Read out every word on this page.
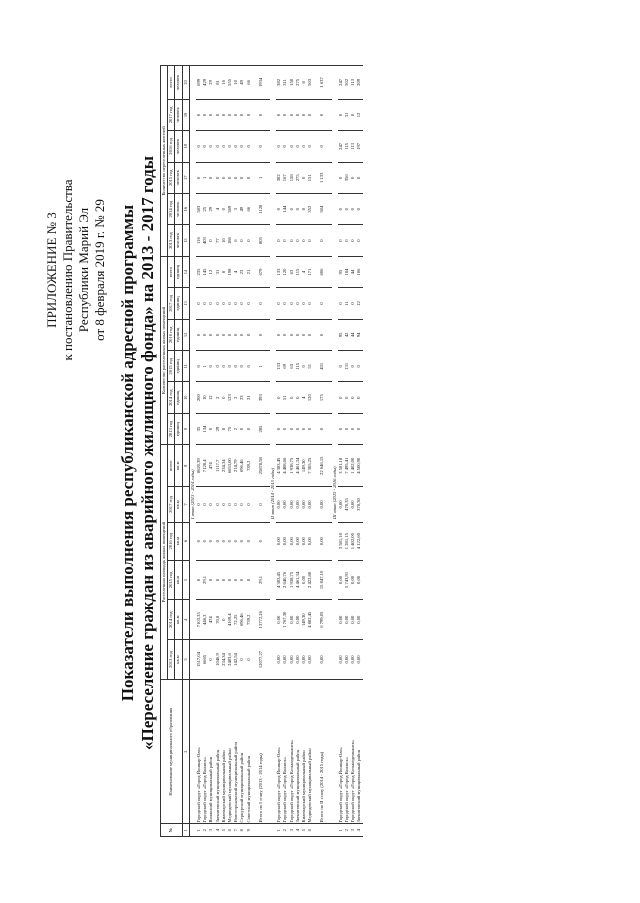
ПРИЛОЖЕНИЕ № 3 к постановлению Правительства Республики Марий Эл от 8 февраля 2019 г. № 29 Показатели выполнения республиканской адресной программы «Переселение граждан из аварийного жилищного фонда» на 2013 - 2017 годы
№	Наименование муниципального образования	Расселенная площадь жилых помещений						Количество расселенных жилых помещений						Количество переселенных жителей					
		2013 год	2014 год	2015 год	2016 год	2017 год	всего	2013 год	2014 год	2015 год	2016 год	2017 год	всего	2013 год	2014 год	2015 год	2016 год	2017 год	всего
		кв.м	кв.м	кв.м	кв.м	кв.м	кв.м	единиц	единиц	единиц	единиц	единиц	единиц	человек	человек	человек	человек	человек	человек
1	2	3	4	5	6	7	8	9	10	11	12	13	14	15	16	17	18	19	20
			I этап (2013 - 2014 годы)																
1	Городской округ «Город Йошкар-Ола»	1517,04	7103,35	0	0	0	8620,39	35	200	0	0	0	235	116	583	0	0	0	699
2	Городской округ «Город Волжск»	6665	446,3	29,1	0	0	7128,4	134	10	1	0	0	145	403	25	1	0	0	429
3	Волжский муниципальный район	0	474	0	0	0	474	0	12	0	0	0	12	0	29	0	0	0	29
4	Звениговский муниципальный район	1046,9	70,8	0	0	0	1117,7	29	2	0	0	0	31	77	4	0	0	0	81
5	Килемарский муниципальный район	234,34	0	0	0	0	234,34	8	0	0	0	0	8	16	0	0	0	0	16
6	Медведевский муниципальный район	2483,6	4169,4	0	0	0	6653,00	75	123	0	0	0	198	186	369	0	0	0	555
7	Новоторъяльский муниципальный район	142,54	72,25	0	0	0	214,79	2	2	0	0	0	4	6	3	0	0	0	10
8	Сернурский муниципальный район	0	696,46	0	0	0	696,46	0	23	0	0	0	23	0	49	0	0	0	49
9	Советский муниципальный район	0	739,2	0	0	0	739,2	0	21	0	0	0	21	0	66	0	0	0	66

	Итого по I этапу (2013 - 2014 годы)	12077,27	13772,26	29,1	0	0	25878,58	285	393	1	0	0	679	805	1128	1	0	0	1934

			II этап (2014 - 2015 годы)																
1	Городской округ «Город Йошкар-Ола»	0,00	0,00	4 383,45	0,00	0,00	4 383,45	0	0	133	0	0	133	0	0	382	0	0	382
2	Городской округ «Город Волжск»	0,00	1 767,30	2 640,76	0,00	0,00	4 408,06	0	51	69	0	0	120	0	144	167	0	0	311
3	Городской округ «Город Козьмодемьянск»	0,00	0,00	1 938,75	0,00	0,00	1 938,75	0	0	63	0	0	63	0	0	158	0	0	158
4	Звениговский муниципальный район	0,00	0,00	4 461,34	0,00	0,00	4 461,34	0	0	115	0	0	115	0	0	275	0	0	275
5	Килемарский муниципальный район	0,00	149,30	0,00	0,00	0,00	149,30	0	4	0	0	0	4	0	8	0	0	0	8
6	Медведевский муниципальный район	0,00	4 882,45	2 422,80	0,00	0,00	7 305,25	0	120	51	0	0	171	0	352	151	0	0	503

	Итого по II этапу (2014 - 2015 годы)	0,00	6 799,05	15 847,10	0,00	0,00	22 646,15	0	175	431	0	0	606	0	504	1 133	0	0	1 637

			III этап (2015 - 2016 годы)																
1	Городской округ «Город Йошкар-Ола»	0,00	0,00	0,00	3 581,18	0,00	3 581,18	0	0	0	95	0	95	0	0	0	247	0	247
2	Городской округ «Город Волжск»	0,00	0,00	5 743,91	1 281,15	470,35	7 495,41	0	0	131	42	11	184	0	0	356	115	31	502
3	Городской округ «Город Козьмодемьянск»	0,00	0,00	0,00	1 402,00	0,00	1 402,00	0	0	0	44	0	44	0	0	0	113	0	113
4	Звениговский муниципальный район	0,00	0,00	0,00	4 122,60	378,30	4 500,90	0	0	0	94	12	106	0	0	0	197	12	209
